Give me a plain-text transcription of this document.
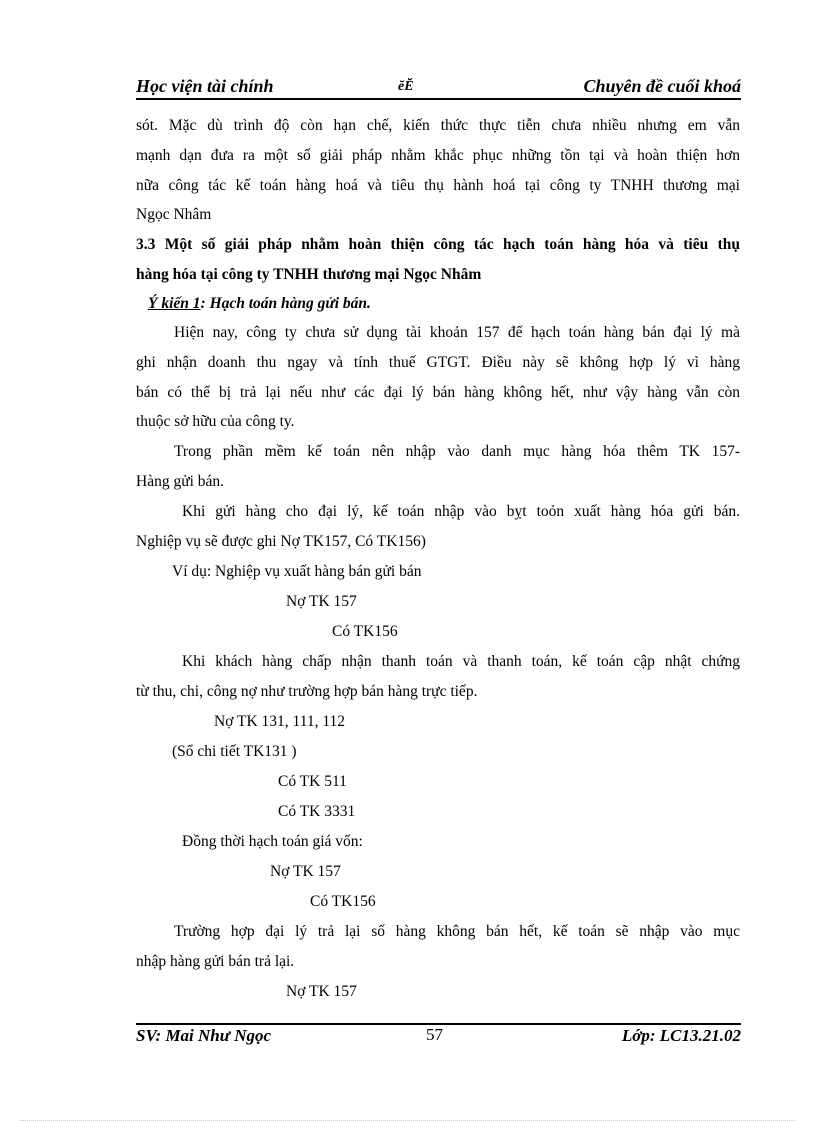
Học viện tài chính	ĕĔ	Chuyên đề cuối khoá
sót. Mặc dù trình độ còn hạn chế, kiến thức thực tiễn chưa nhiều nhưng em vẫn
mạnh dạn đưa ra một số giải pháp nhằm khắc phục những tồn tại và hoàn thiện hơn
nữa công tác kế toán hàng hoá và tiêu thụ hành hoá tại công ty TNHH thương mại
Ngọc Nhâm
3.3 Một số giải pháp nhằm hoàn thiện công tác hạch toán hàng hóa và tiêu thụ
hàng hóa tại công ty TNHH thương mại Ngọc Nhâm
Ý kiến 1: Hạch toán hàng gửi bán.
Hiện nay, công ty chưa sử dụng tài khoản 157 để hạch toán hàng bán đại lý mà
ghi nhận doanh thu ngay và tính thuế GTGT. Điều này sẽ không hợp lý vì hàng
bán có thể bị trả lại nếu như các đại lý bán hàng không hết, như vậy hàng vẫn còn
thuộc sở hữu của công ty.
Trong phần mềm kế toán nên nhập vào danh mục hàng hóa thêm TK 157-
Hàng gửi bán.
Khi gửi hàng cho đại lý, kế toán nhập vào bỵt toỏn xuất hàng hóa gửi bán.
Nghiệp vụ sẽ được ghi Nợ TK157, Có TK156)
Ví dụ: Nghiệp vụ xuất hàng bán gửi bán
Nợ TK 157
Có TK156
Khi khách hàng chấp nhận thanh toán và thanh toán, kế toán cập nhật chứng
từ thu, chi, công nợ như trường hợp bán hàng trực tiếp.
Nợ TK 131, 111, 112
(Sổ chi tiết TK131 )
Có TK 511
Có TK 3331
Đồng thời hạch toán giá vốn:
Nợ TK 157
Có TK156
Trường hợp đại lý trả lại số hàng không bán hết, kế toán sẽ nhập vào mục
nhập hàng gửi bán trả lại.
Nợ TK 157
SV: Mai Như Ngọc	57	Lớp: LC13.21.02
